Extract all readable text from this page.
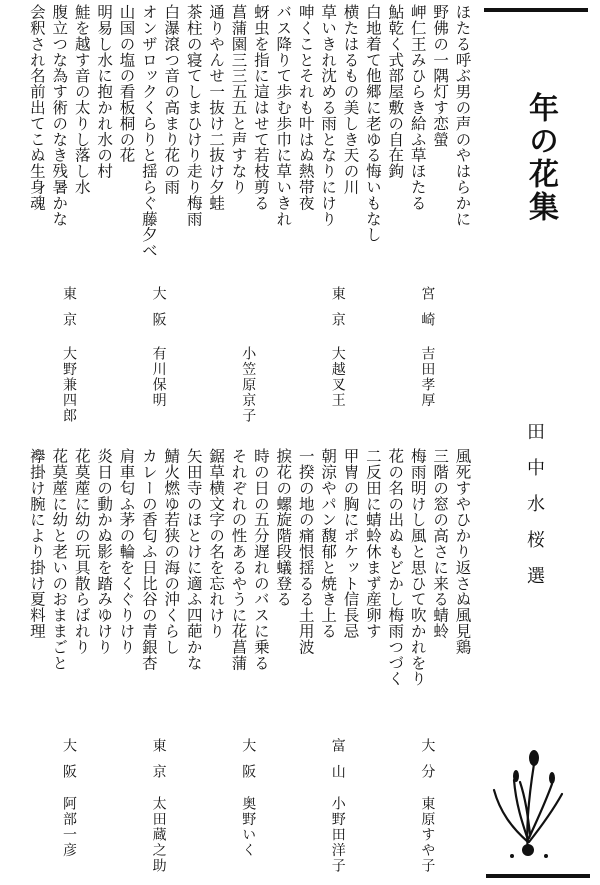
年の花集
田中水桜選
ほたる呼ぶ男の声のやはらかに
野佛の一隅灯す恋螢
岬仁王みひらき給ふ草ほたる
鮎乾く式部屋敷の自在鉤
白地着て他郷に老ゆる悔いもなし
横たはるもの美しき天の川
草いきれ沈める雨となりにけり
呻くことそれも叶はぬ熱帯夜
バス降りて歩む歩巾に草いきれ
蚜虫を指に這はせて若枝剪る
菖蒲園三三五五と声すなり
通りやんせ一抜け二抜け夕蛙
茶柱の寝てしまひけり走り梅雨
白瀑滾つ音の高まり花の雨
オンザロックくらりと揺らぐ藤夕べ
山国の塩の看板桐の花
明易し水に抱かれ水の村
鮭を越す音の太りし落し水
腹立つな為す術のなき残暑かな
会釈され名前出てこぬ生身魂
宮崎
吉田孝厚
東京
大越叉王
小笠原京子
大阪
有川保明
東京
大野兼四郎
風死すやひかり返さぬ風見鶏
三階の窓の高さに来る蜻蛉
梅雨明けし風と思ひて吹かれをり
花の名の出ぬもどかし梅雨つづく
二反田に蜻蛉休まず産卵す
甲冑の胸にポケット信長忌
朝涼やパン馥郁と焼き上る
一揆の地の痛恨揺るる土用波
捩花の螺旋階段蟻登る
時の日の五分遅れのバスに乗る
それぞれの性あるやうに花菖蒲
鋸草横文字の名を忘れけり
矢田寺のほとけに適ふ四葩かな
鯖火燃ゆ若狭の海の沖くらし
カレーの香匂ふ日比谷の青銀杏
肩車匂ふ茅の輪をくぐりけり
炎日の動かぬ影を踏みゆけり
花莫蓙に幼の玩具散らばれり
花莫蓙に幼と老いのおままごと
襷掛け腕により掛け夏料理
大分
東原すや子
富山
小野田洋子
大阪
奥野いく
東京
太田蔵之助
大阪
阿部一彦
